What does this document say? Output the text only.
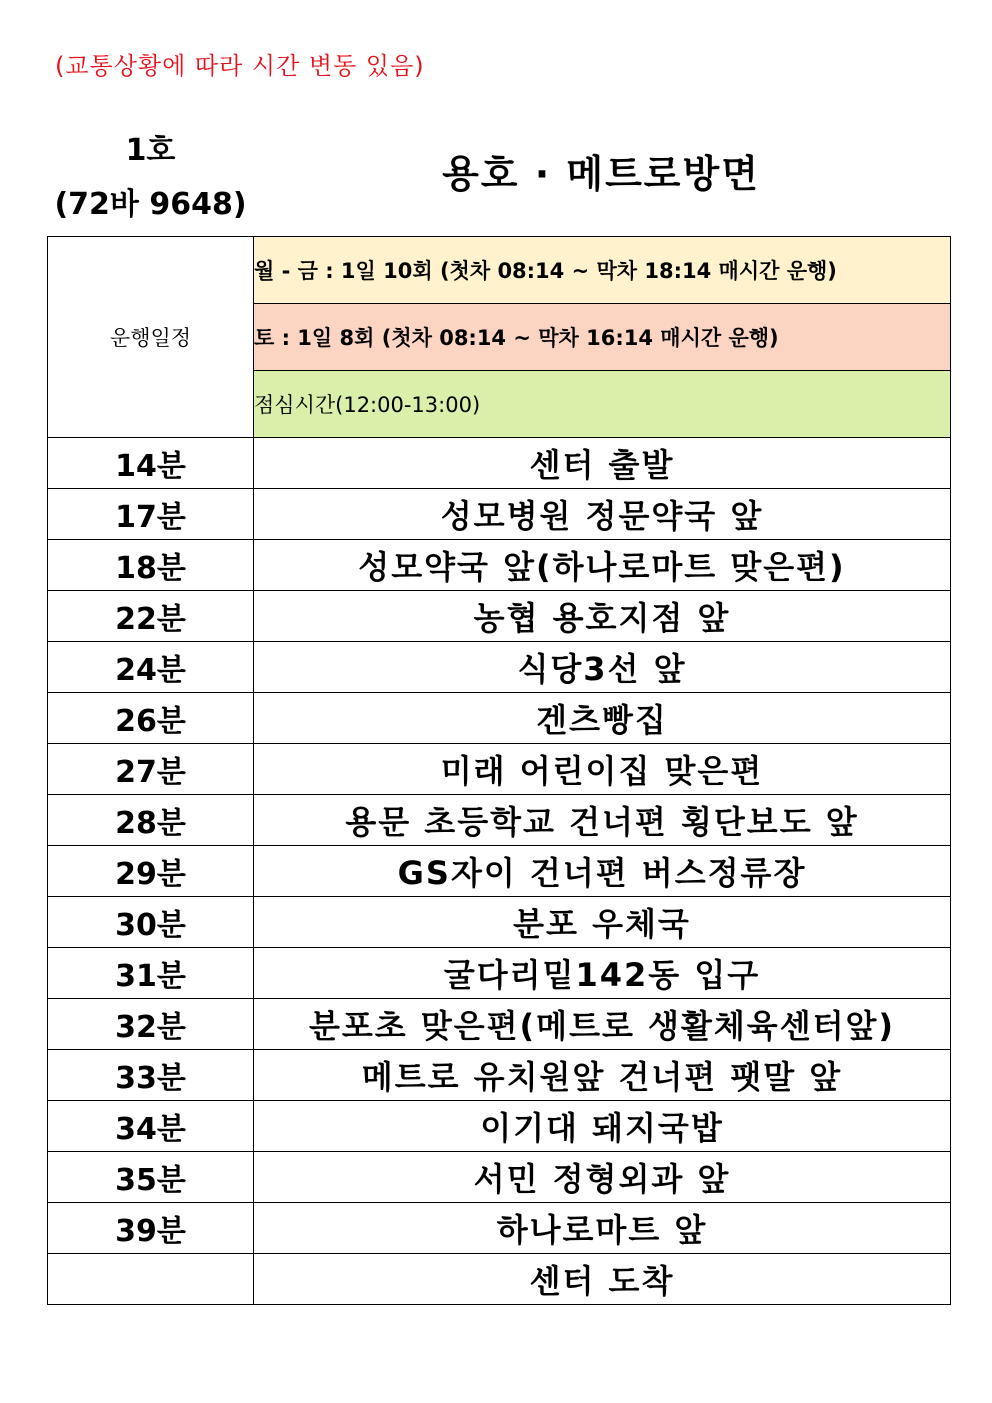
(교통상황에 따라 시간 변동 있음)
1호
(72바 9648)
용호 · 메트로방면
운행일정	월 - 금 : 1일 10회 (첫차 08:14 ~ 막차 18:14 매시간 운행)
	토 : 1일 8회 (첫차 08:14 ~ 막차 16:14 매시간 운행)
	점심시간(12:00-13:00)
14분	센터 출발
17분	성모병원 정문약국 앞
18분	성모약국 앞(하나로마트 맞은편)
22분	농협 용호지점 앞
24분	식당3선 앞
26분	겐츠빵집
27분	미래 어린이집 맞은편
28분	용문 초등학교 건너편 횡단보도 앞
29분	GS자이 건너편 버스정류장
30분	분포 우체국
31분	굴다리밑142동 입구
32분	분포초 맞은편(메트로 생활체육센터앞)
33분	메트로 유치원앞 건너편 팻말 앞
34분	이기대 돼지국밥
35분	서민 정형외과 앞
39분	하나로마트 앞
	센터 도착
